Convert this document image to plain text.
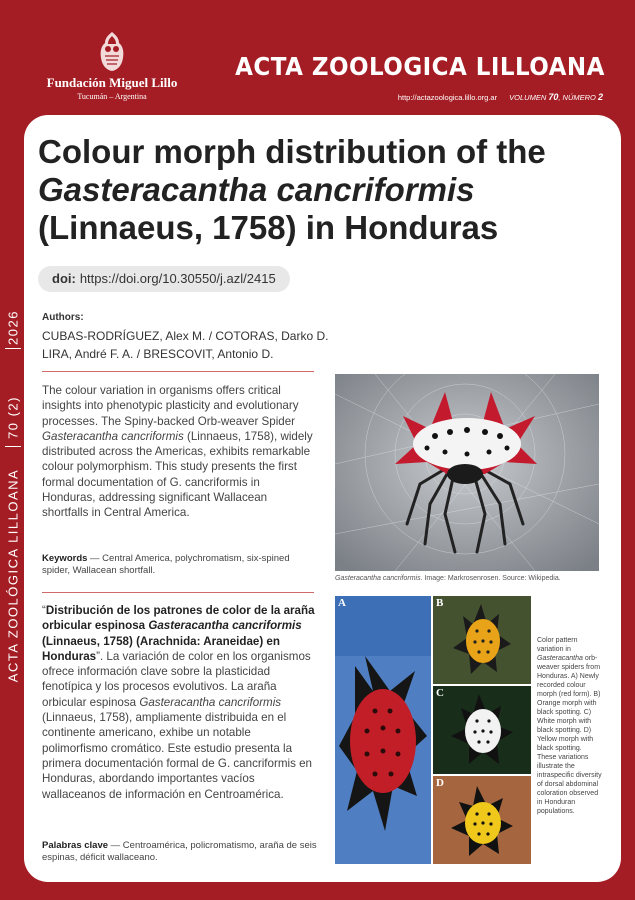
Fundación Miguel Lillo
Tucumán – Argentina
ACTA ZOOLOGICA LILLOANA
http://actazoologica.lillo.org.ar VOLUMEN 70, NÚMERO 2
2026
70 (2)
ACTA ZOOLÓGICA LILLOANA
Colour morph distribution of the
Gasteracantha cancriformis
(Linnaeus, 1758) in Honduras
doi: https://doi.org/10.30550/j.azl/2415
Authors:
CUBAS-RODRÍGUEZ, Alex M. / COTORAS, Darko D.
LIRA, André F. A. / BRESCOVIT, Antonio D.

The colour variation in organisms offers critical insights into phenotypic plasticity and evolutionary processes. The Spiny-backed Orb-weaver Spider Gasteracantha cancriformis (Linnaeus, 1758), widely distributed across the Americas, exhibits remarkable colour polymorphism. This study presents the first formal documentation of G. cancriformis in Honduras, addressing significant Wallacean shortfalls in Central America.

Keywords — Central America, polychromatism, six-spined spider, Wallacean shortfall.

“Distribución de los patrones de color de la araña orbicular espinosa Gasteracantha cancriformis (Linnaeus, 1758) (Arachnida: Araneidae) en Honduras”. La variación de color en los organismos ofrece información clave sobre la plasticidad fenotípica y los procesos evolutivos. La araña orbicular espinosa Gasteracantha cancriformis (Linnaeus, 1758), ampliamente distribuida en el continente americano, exhibe un notable polimorfismo cromático. Este estudio presenta la primera documentación formal de G. cancriformis en Honduras, abordando importantes vacíos wallaceanos de información en Centroamérica.

Palabras clave — Centroamérica, policromatismo, araña de seis espinas, déficit wallaceano.

Gasteracantha cancriformis. Image: Markrosenrosen. Source: Wikipedia.
A	B
C
D

Color pattern variation in Gasteracantha orb-weaver spiders from Honduras. A) Newly recorded colour morph (red form). B) Orange morph with black spotting. C) White morph with black spotting. D) Yellow morph with black spotting. These variations illustrate the intraspecific diversity of dorsal abdominal coloration observed in Honduran populations.
